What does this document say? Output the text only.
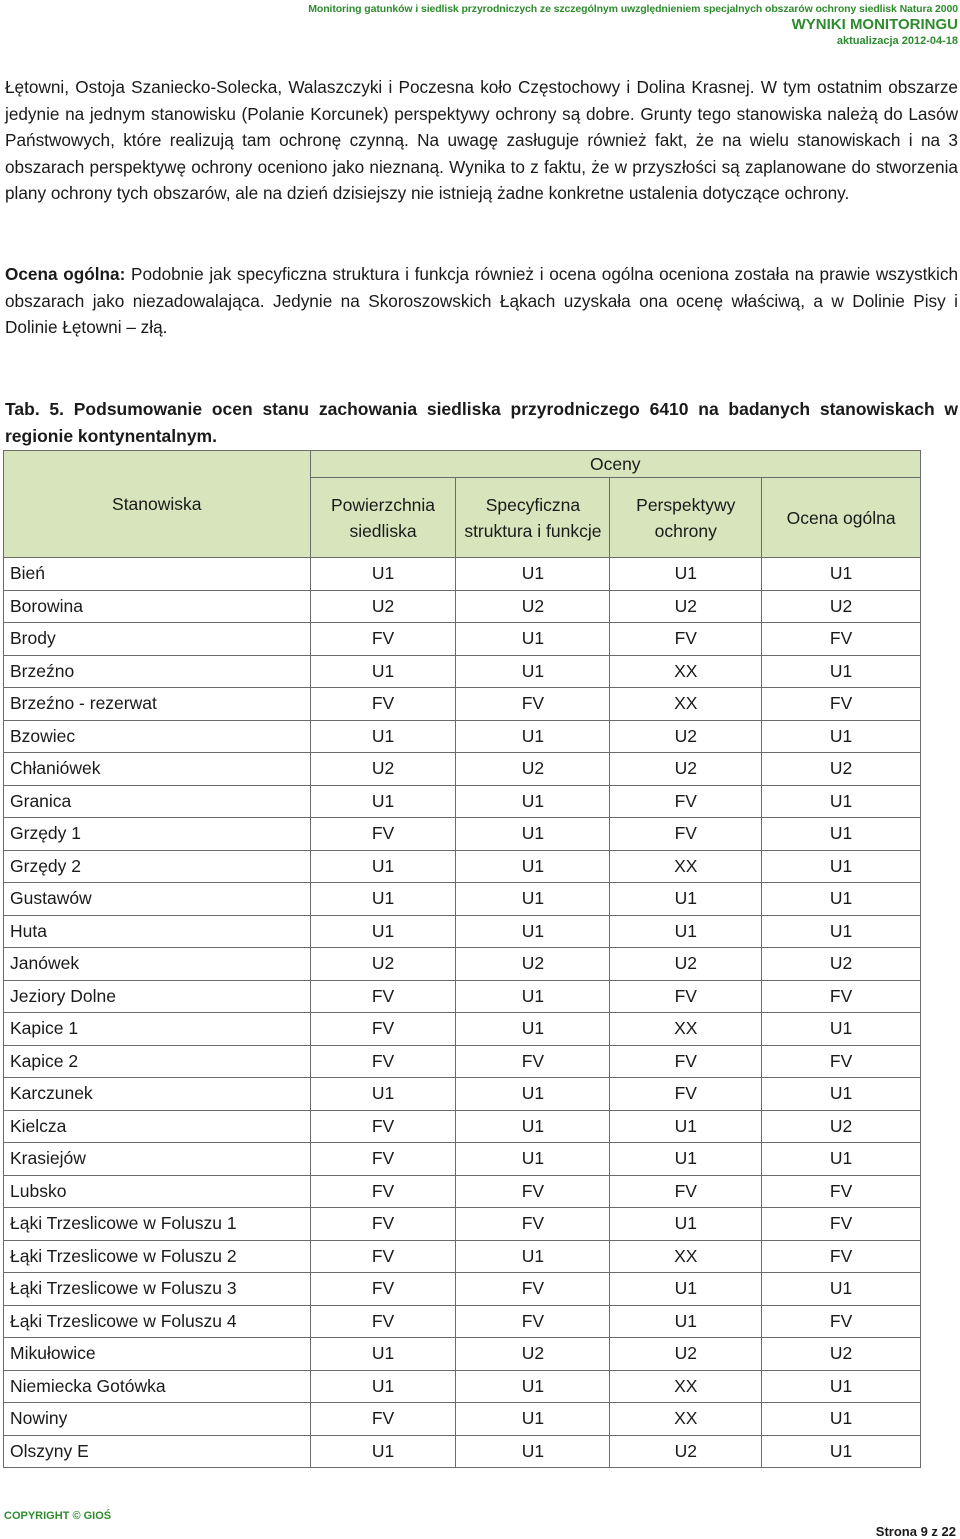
Monitoring gatunków i siedlisk przyrodniczych ze szczególnym uwzględnieniem specjalnych obszarów ochrony siedlisk Natura 2000
WYNIKI MONITORINGU
aktualizacja 2012-04-18

Łętowni, Ostoja Szaniecko-Solecka, Walaszczyki i Poczesna koło Częstochowy i Dolina Krasnej. W tym ostatnim obszarze jedynie na jednym stanowisku (Polanie Korcunek) perspektywy ochrony są dobre. Grunty tego stanowiska należą do Lasów Państwowych, które realizują tam ochronę czynną. Na uwagę zasługuje również fakt, że na wielu stanowiskach i na 3 obszarach perspektywę ochrony oceniono jako nieznaną. Wynika to z faktu, że w przyszłości są zaplanowane do stworzenia plany ochrony tych obszarów, ale na dzień dzisiejszy nie istnieją żadne konkretne ustalenia dotyczące ochrony.

Ocena ogólna: Podobnie jak specyficzna struktura i funkcja również i ocena ogólna oceniona została na prawie wszystkich obszarach jako niezadowalająca. Jedynie na Skoroszowskich Łąkach uzyskała ona ocenę właściwą, a w Dolinie Pisy i Dolinie Łętowni – złą.

Tab. 5. Podsumowanie ocen stanu zachowania siedliska przyrodniczego 6410 na badanych stanowiskach w regionie kontynentalnym.

Stanowiska	Oceny			
	Powierzchnia siedliska	Specyficzna struktura i funkcje	Perspektywy ochrony	Ocena ogólna
Bień	U1	U1	U1	U1
Borowina	U2	U2	U2	U2
Brody	FV	U1	FV	FV
Brzeźno	U1	U1	XX	U1
Brzeźno - rezerwat	FV	FV	XX	FV
Bzowiec	U1	U1	U2	U1
Chłaniówek	U2	U2	U2	U2
Granica	U1	U1	FV	U1
Grzędy 1	FV	U1	FV	U1
Grzędy 2	U1	U1	XX	U1
Gustawów	U1	U1	U1	U1
Huta	U1	U1	U1	U1
Janówek	U2	U2	U2	U2
Jeziory Dolne	FV	U1	FV	FV
Kapice 1	FV	U1	XX	U1
Kapice 2	FV	FV	FV	FV
Karczunek	U1	U1	FV	U1
Kielcza	FV	U1	U1	U2
Krasiejów	FV	U1	U1	U1
Lubsko	FV	FV	FV	FV
Łąki Trzeslicowe w Foluszu 1	FV	FV	U1	FV
Łąki Trzeslicowe w Foluszu 2	FV	U1	XX	FV
Łąki Trzeslicowe w Foluszu 3	FV	FV	U1	U1
Łąki Trzeslicowe w Foluszu 4	FV	FV	U1	FV
Mikułowice	U1	U2	U2	U2
Niemiecka Gotówka	U1	U1	XX	U1
Nowiny	FV	U1	XX	U1
Olszyny E	U1	U1	U2	U1
COPYRIGHT © GIOŚ
Strona 9 z 22
